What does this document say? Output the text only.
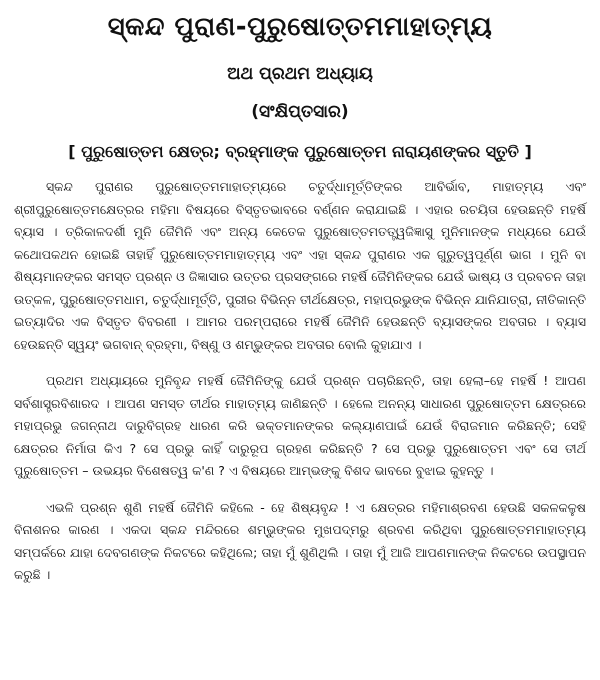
ସ୍କନ୍ଦ ପୁରାଣ-ପୁରୁଷୋତ୍ତମମାହାତ୍ମ୍ୟ
ଅଥ ପ୍ରଥମ ଅଧ୍ୟାୟ
(ସଂକ୍ଷିପ୍ତସାର)
[ ପୁରୁଷୋତ୍ତମ କ୍ଷେତ୍ର; ବ୍ରହ୍ମାଙ୍କ ପୁରୁଷୋତ୍ତମ ନାରାୟଣଙ୍କର ସ୍ତୁତି ]

ସ୍କନ୍ଦ ପୁରାଣର ପୁରୁଷୋତ୍ତମମାହାତ୍ମ୍ୟରେ ଚତୁର୍ଦ୍ଧାମୂର୍ତ୍ତିଙ୍କର ଆବିର୍ଭାବ, ମାହାତ୍ମ୍ୟ ଏବଂ ଶ୍ରୀପୁରୁଷୋତ୍ତମକ୍ଷେତ୍ରର ମହିମା ବିଷୟରେ ବିସ୍ତୃତଭାବରେ ବର୍ଣ୍ଣନ କରାଯାଇଛି । ଏହାର ରଚୟିତା ହେଉଛନ୍ତି ମହର୍ଷି ବ୍ୟାସ । ତ୍ରିକାଳଦର୍ଶୀ ମୁନି ଜୈମିନି ଏବଂ ଅନ୍ୟ କେତେକ ପୁରୁଷୋତ୍ତମତତ୍ତ୍ୱଜିଜ୍ଞାସୁ ମୁନିମାନଙ୍କ ମଧ୍ୟରେ ଯେଉଁ କଥୋପକଥନ ହୋଇଛି ତାହାହିଁ ପୁରୁଷୋତ୍ତମମାହାତ୍ମ୍ୟ ଏବଂ ଏହା ସ୍କନ୍ଦ ପୁରାଣର ଏକ ଗୁରୁତ୍ୱପୂର୍ଣ୍ଣ ଭାଗ । ମୁନି ବା ଶିଷ୍ୟମାନଙ୍କର ସମସ୍ତ ପ୍ରଶ୍ନ ଓ ଜିଜ୍ଞାସାର ଉତ୍ତର ପ୍ରସଙ୍ଗରେ ମହର୍ଷି ଜୈମିନିଙ୍କର ଯେଉଁ ଭାଷ୍ୟ ଓ ପ୍ରବଚନ ତାହା ଉତ୍କଳ, ପୁରୁଷୋତ୍ତମଧାମ, ଚତୁର୍ଦ୍ଧାମୂର୍ତ୍ତି, ପୁରୀର ବିଭିନ୍ନ ତୀର୍ଥକ୍ଷେତ୍ର, ମହାପ୍ରଭୁଙ୍କ ବିଭିନ୍ନ ଯାନିଯାତ୍ରା, ନୀତିକାନ୍ତି ଇତ୍ୟାଦିର ଏକ ବିସ୍ତୃତ ବିବରଣୀ । ଆମର ପରମ୍ପରାରେ ମହର୍ଷି ଜୈମିନି ହେଉଛନ୍ତି ବ୍ୟାସଙ୍କର ଅବତାର । ବ୍ୟାସ ହେଉଛନ୍ତି ସ୍ୱୟଂ ଭଗବାନ୍ ବ୍ରହ୍ମା, ବିଷ୍ଣୁ ଓ ଶମ୍ଭୁଙ୍କର ଅବତାର ବୋଲି କୁହାଯାଏ ।

ପ୍ରଥମ ଅଧ୍ୟାୟରେ ମୁନିବୃନ୍ଦ ମହର୍ଷି ଜୈମିନିଙ୍କୁ ଯେଉଁ ପ୍ରଶ୍ନ ପଚାରିଛନ୍ତି, ତାହା ହେଲା–ହେ ମହର୍ଷି ! ଆପଣ ସର୍ବଶାସ୍ତ୍ରବିଶାରଦ । ଆପଣ ସମସ୍ତ ତୀର୍ଥର ମାହାତ୍ମ୍ୟ ଜାଣିଛନ୍ତି । ହେଲେ ଅନନ୍ୟ ସାଧାରଣ ପୁରୁଷୋତ୍ତମ କ୍ଷେତ୍ରରେ ମହାପ୍ରଭୁ ଜଗନ୍ନାଥ ଦାରୁବିଗ୍ରହ ଧାରଣ କରି ଭକ୍ତମାନଙ୍କର କଲ୍ୟାଣପାଇଁ ଯେଉଁ ବିରାଜମାନ କରିଛନ୍ତି; ସେହି କ୍ଷେତ୍ରର ନିର୍ମାତା କିଏ ? ସେ ପ୍ରଭୁ କାହିଁ ଦାରୁରୂପ ଗ୍ରହଣ କରିଛନ୍ତି ? ସେ ପ୍ରଭୁ ପୁରୁଷୋତ୍ତମ ଏବଂ ସେ ତୀର୍ଥ ପୁରୁଷୋତ୍ତମ – ଉଭୟର ବିଶେଷତ୍ୱ କ'ଣ ? ଏ ବିଷୟରେ ଆମ୍ଭଙ୍କୁ ବିଶଦ ଭାବରେ ବୁଝାଇ କୁହନ୍ତୁ ।

ଏଭଳି ପ୍ରଶ୍ନ ଶୁଣି ମହର୍ଷି ଜୈମିନି କହିଲେ - ହେ ଶିଷ୍ୟବୃନ୍ଦ ! ଏ କ୍ଷେତ୍ରର ମହିମାଶ୍ରବଣ ହେଉଛି ସକଳକଳୁଷ ବିନାଶନର କାରଣ । ଏକଦା ସ୍କନ୍ଦ ମନ୍ଦିରରେ ଶମ୍ଭୁଙ୍କର ମୁଖପଦ୍ମରୁ ଶ୍ରବଣ କରିଥିବା ପୁରୁଷୋତ୍ତମମାହାତ୍ମ୍ୟ ସମ୍ପର୍କରେ ଯାହା ଦେବଗଣଙ୍କ ନିକଟରେ କହିଥିଲେ; ତାହା ମୁଁ ଶୁଣିଥିଲି । ତାହା ମୁଁ ଆଜି ଆପଣମାନଙ୍କ ନିକଟରେ ଉପସ୍ଥାପନ କରୁଛି ।
